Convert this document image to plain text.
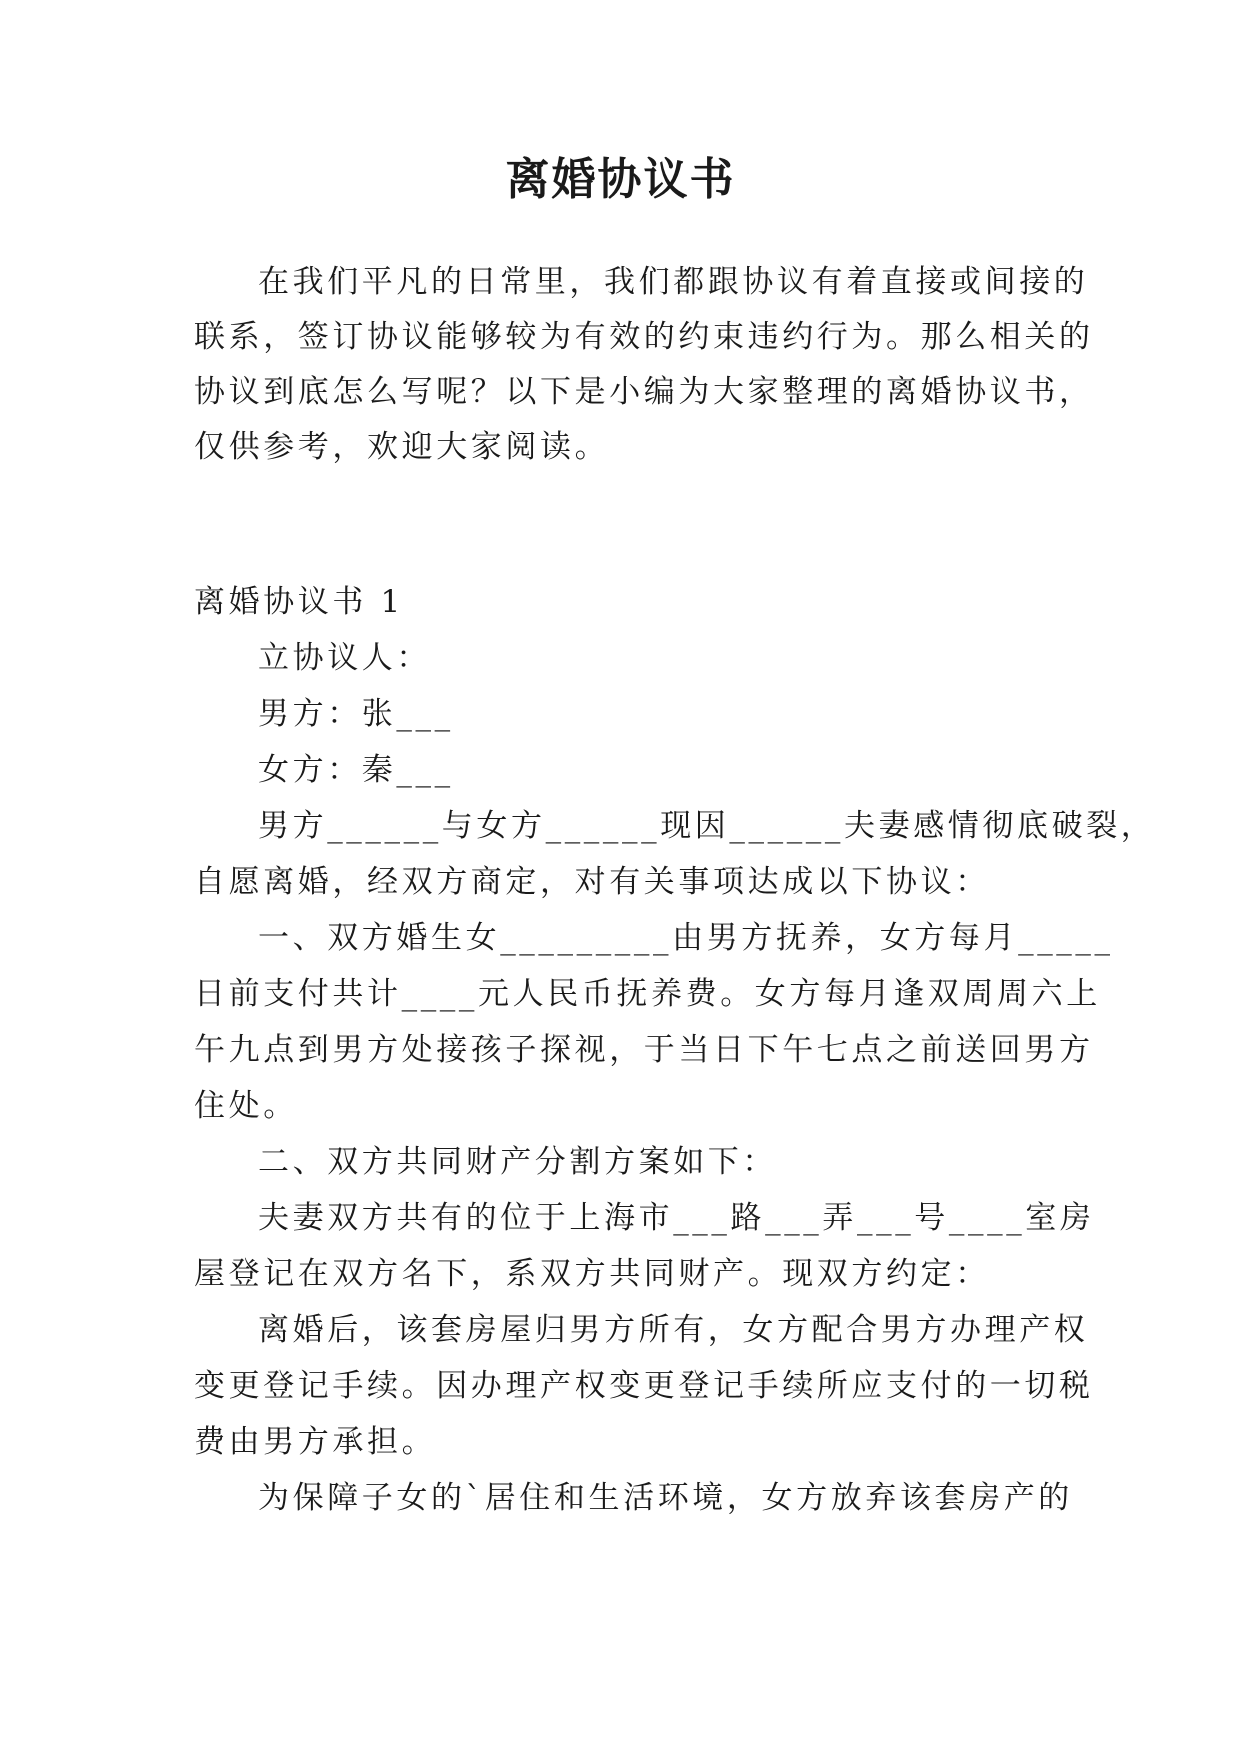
离婚协议书

在我们平凡的日常里，我们都跟协议有着直接或间接的

联系，签订协议能够较为有效的约束违约行为。那么相关的

协议到底怎么写呢？以下是小编为大家整理的离婚协议书，

仅供参考，欢迎大家阅读。

离婚协议书 1

立协议人：

男方：张___

女方：秦___

男方______与女方______现因______夫妻感情彻底破裂，

自愿离婚，经双方商定，对有关事项达成以下协议：

一、双方婚生女_________由男方抚养，女方每月_____

日前支付共计____元人民币抚养费。女方每月逢双周周六上

午九点到男方处接孩子探视，于当日下午七点之前送回男方

住处。

二、双方共同财产分割方案如下：

夫妻双方共有的位于上海市___路___弄___号____室房

屋登记在双方名下，系双方共同财产。现双方约定：

离婚后，该套房屋归男方所有，女方配合男方办理产权

变更登记手续。因办理产权变更登记手续所应支付的一切税

费由男方承担。

为保障子女的`居住和生活环境，女方放弃该套房产的
